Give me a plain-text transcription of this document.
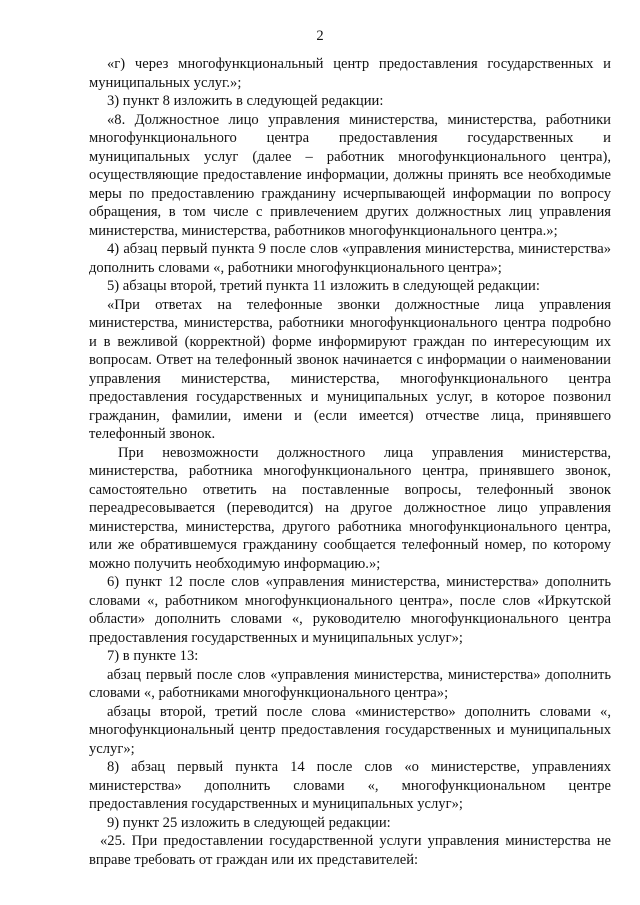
2

«г) через многофункциональный центр предоставления государственных и муниципальных услуг.»;

3) пункт 8 изложить в следующей редакции:

«8. Должностное лицо управления министерства, министерства, работники многофункционального центра предоставления государственных и муниципальных услуг (далее – работник многофункционального центра), осуществляющие предоставление информации, должны принять все необходимые меры по предоставлению гражданину исчерпывающей информации по вопросу обращения, в том числе с привлечением других должностных лиц управления министерства, министерства, работников многофункционального центра.»;

4) абзац первый пункта 9 после слов «управления министерства, министерства» дополнить словами «, работники многофункционального центра»;

5) абзацы второй, третий пункта 11 изложить в следующей редакции:

«При ответах на телефонные звонки должностные лица управления министерства, министерства, работники многофункционального центра подробно и в вежливой (корректной) форме информируют граждан по интересующим их вопросам. Ответ на телефонный звонок начинается с информации о наименовании управления министерства, министерства, многофункционального центра предоставления государственных и муниципальных услуг, в которое позвонил гражданин, фамилии, имени и (если имеется) отчестве лица, принявшего телефонный звонок.

При невозможности должностного лица управления министерства, министерства, работника многофункционального центра, принявшего звонок, самостоятельно ответить на поставленные вопросы, телефонный звонок переадресовывается (переводится) на другое должностное лицо управления министерства, министерства, другого работника многофункционального центра, или же обратившемуся гражданину сообщается телефонный номер, по которому можно получить необходимую информацию.»;

6) пункт 12 после слов «управления министерства, министерства» дополнить словами «, работником многофункционального центра», после слов «Иркутской области» дополнить словами «, руководителю многофункционального центра предоставления государственных и муниципальных услуг»;

7) в пункте 13:

абзац первый после слов «управления министерства, министерства» дополнить словами «, работниками многофункционального центра»;

абзацы второй, третий после слова «министерство» дополнить словами «, многофункциональный центр предоставления государственных и муниципальных услуг»;

8) абзац первый пункта 14 после слов «о министерстве, управлениях министерства» дополнить словами «, многофункциональном центре предоставления государственных и муниципальных услуг»;

9) пункт 25 изложить в следующей редакции:

«25. При предоставлении государственной услуги управления министерства не вправе требовать от граждан или их представителей:
